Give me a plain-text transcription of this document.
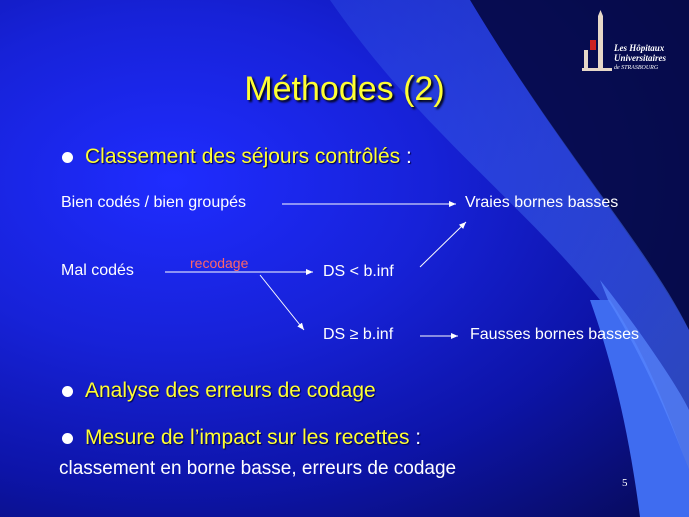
Les Hôpitaux
Universitaires
de STRASBOURG
Méthodes (2)
Classement des séjours contrôlés :
Bien codés / bien groupés	Vraies bornes basses
Mal codés	recodage	DS < b.inf
DS ≥ b.inf	Fausses bornes basses
Analyse des erreurs de codage
Mesure de l’impact sur les recettes :
classement en borne basse, erreurs de codage
5
